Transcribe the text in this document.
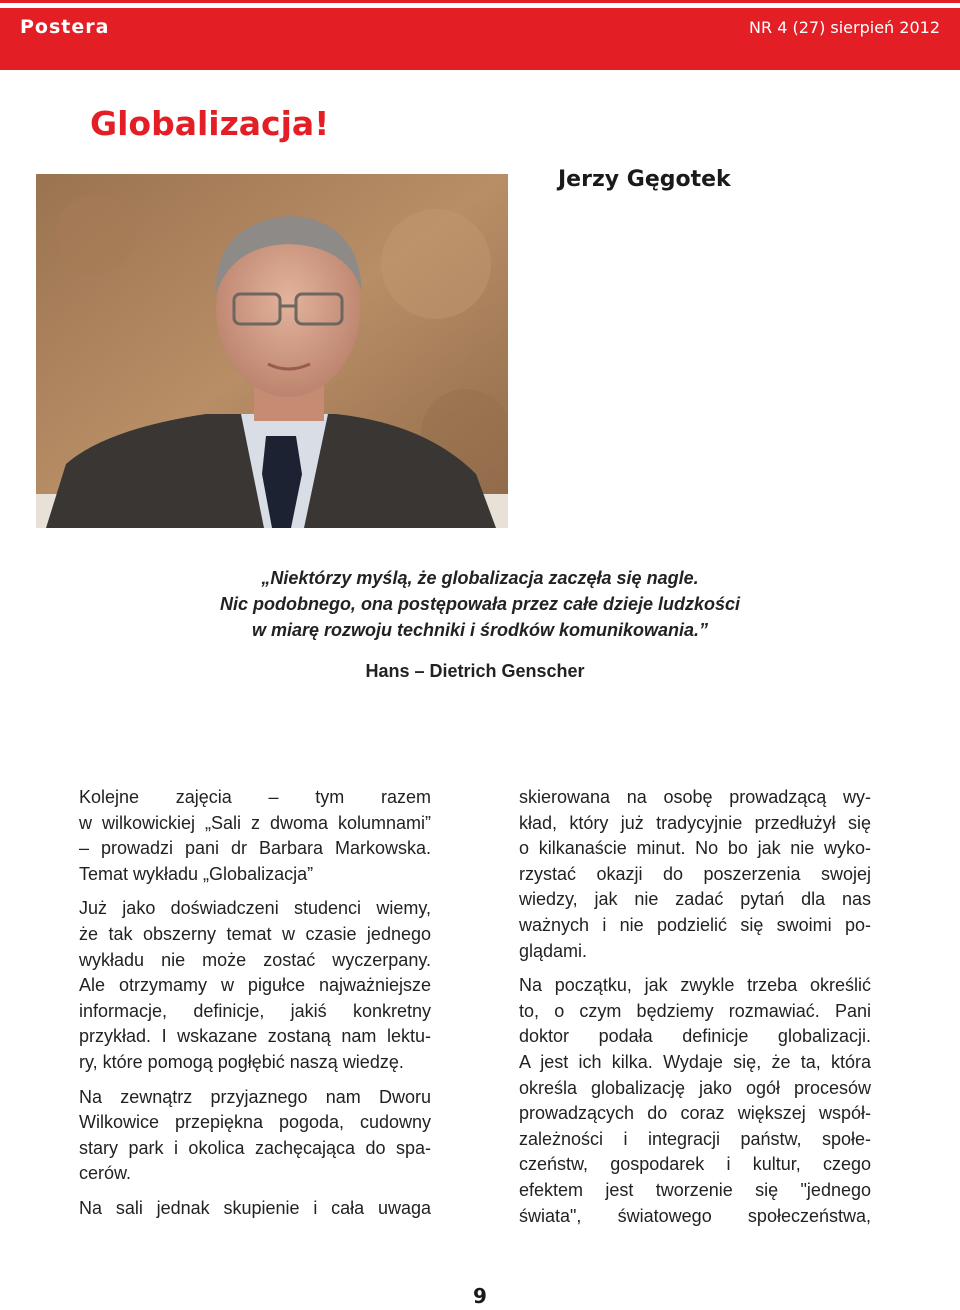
Postera	NR 4 (27) sierpień 2012
Globalizacja!
Jerzy Gęgotek
„Niektórzy myślą, że globalizacja zaczęła się nagle.
Nic podobnego, ona postępowała przez całe dzieje ludzkości
w miarę rozwoju techniki i środków komunikowania.”
Hans – Dietrich Genscher
Kolejne zajęcia – tym razem
w wilkowickiej „Sali z dwoma kolumnami”
– prowadzi pani dr Barbara Markowska.
Temat wykładu „Globalizacja”
Już jako doświadczeni studenci wiemy,
że tak obszerny temat w czasie jednego
wykładu nie może zostać wyczerpany.
Ale otrzymamy w pigułce najważniejsze
informacje, definicje, jakiś konkretny
przykład. I wskazane zostaną nam lektu-
ry, które pomogą pogłębić naszą wiedzę.
Na zewnątrz przyjaznego nam Dworu
Wilkowice przepiękna pogoda, cudowny
stary park i okolica zachęcająca do spa-
cerów.
Na sali jednak skupienie i cała uwaga
skierowana na osobę prowadzącą wy-
kład, który już tradycyjnie przedłużył się
o kilkanaście minut. No bo jak nie wyko-
rzystać okazji do poszerzenia swojej
wiedzy, jak nie zadać pytań dla nas
ważnych i nie podzielić się swoimi po-
glądami.
Na początku, jak zwykle trzeba określić
to, o czym będziemy rozmawiać. Pani
doktor podała definicje globalizacji.
A jest ich kilka. Wydaje się, że ta, która
określa globalizację jako ogół procesów
prowadzących do coraz większej współ-
zależności i integracji państw, społe-
czeństw, gospodarek i kultur, czego
efektem jest tworzenie się "jednego
świata", światowego społeczeństwa,
9
